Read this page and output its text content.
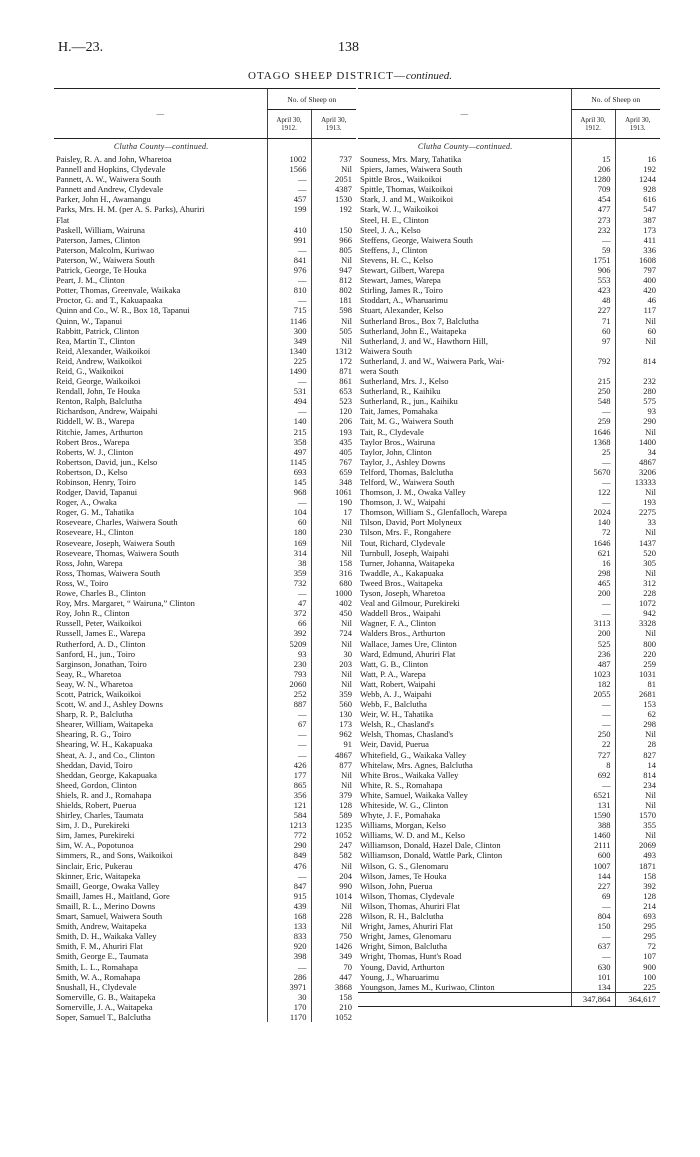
H.—23.	138
OTAGO SHEEP DISTRICT—continued.
—	No. of Sheep on	
	April 30, 1912.	April 30, 1913.
Clutha County—continued.		
Paisley, R. A. and John, Wharetoa	1002	737
Pannell and Hopkins, Clydevale	1566	Nil
Pannett, A. W., Waiwera South	—	2051
Pannett and Andrew, Clydevale	—	4387
Parker, John H., Awamangu	457	1530
Parks, Mrs. H. M. (per A. S. Parks), Ahuriri	199	192
Flat		
Paskell, William, Wairuna	410	150
Paterson, James, Clinton	991	966
Paterson, Malcolm, Kuriwao	—	805
Paterson, W., Waiwera South	841	Nil
Patrick, George, Te Houka	976	947
Peart, J. M., Clinton	—	812
Potter, Thomas, Greenvale, Waikaka	810	802
Proctor, G. and T., Kakuapaaka	—	181
Quinn and Co., W. R., Box 18, Tapanui	715	598
Quinn, W., Tapanui	1146	Nil
Rabbitt, Patrick, Clinton	300	505
Rea, Martin T., Clinton	349	Nil
Reid, Alexander, Waikoikoi	1340	1312
Reid, Andrew, Waikoikoi	225	172
Reid, G., Waikoikoi	1490	871
Reid, George, Waikoikoi	—	861
Rendall, John, Te Houka	531	653
Renton, Ralph, Balclutha	494	523
Richardson, Andrew, Waipahi	—	120
Riddell, W. B., Warepa	140	206
Ritchie, James, Arthurton	215	193
Robert Bros., Warepa	358	435
Roberts, W. J., Clinton	497	405
Robertson, David, jun., Kelso	1145	767
Robertson, D., Kelso	693	659
Robinson, Henry, Toiro	145	348
Rodger, David, Tapanui	968	1061
Roger, A., Owaka	—	190
Roger, G. M., Tahatika	104	17
Roseveare, Charles, Waiwera South	60	Nil
Roseveare, H., Clinton	180	230
Roseveare, Joseph, Waiwera South	169	Nil
Roseveare, Thomas, Waiwera South	314	Nil
Ross, John, Warepa	38	158
Ross, Thomas, Waiwera South	359	316
Ross, W., Toiro	732	680
Rowe, Charles B., Clinton	—	1000
Roy, Mrs. Margaret, “ Wairuna,” Clinton	47	402
Roy, John R., Clinton	372	450
Russell, Peter, Waikoikoi	66	Nil
Russell, James E., Warepa	392	724
Rutherford, A. D., Clinton	5209	Nil
Sanford, H., jun., Toiro	93	30
Sarginson, Jonathan, Toiro	230	203
Seay, R., Wharetoa	793	Nil
Seay, W. N., Wharetoa	2060	Nil
Scott, Patrick, Waikoikoi	252	359
Scott, W. and J., Ashley Downs	887	560
Sharp, R. P., Balclutha	—	130
Shearer, William, Waitapeka	67	173
Shearing, R. G., Toiro	—	962
Shearing, W. H., Kakapuaka	—	91
Sheat, A. J., and Co., Clinton	—	4867
Sheddan, David, Toiro	426	877
Sheddan, George, Kakapuaka	177	Nil
Sheed, Gordon, Clinton	865	Nil
Shiels, R. and J., Romahapa	356	379
Shields, Robert, Puerua	121	128
Shirley, Charles, Taumata	584	589
Sim, J. D., Purekireki	1213	1235
Sim, James, Purekireki	772	1052
Sim, W. A., Popotunoa	290	247
Simmers, R., and Sons, Waikoikoi	849	582
Sinclair, Eric, Pukerau	476	Nil
Skinner, Eric, Waitapeka	—	204
Smaill, George, Owaka Valley	847	990
Smaill, James H., Maitland, Gore	915	1014
Smaill, R. L., Merino Downs	439	Nil
Smart, Samuel, Waiwera South	168	228
Smith, Andrew, Waitapeka	133	Nil
Smith, D. H., Waikaka Valley	833	750
Smith, F. M., Ahuriri Flat	920	1426
Smith, George E., Taumata	398	349
Smith, L. L., Romahapa	—	70
Smith, W. A., Romahapa	286	447
Snushall, H., Clydevale	3971	3868
Somerville, G. B., Waitapeka	30	158
Somerville, J. A., Waitapeka	170	210
Soper, Samuel T., Balclutha	1170	1052
—	No. of Sheep on	
	April 30, 1912.	April 30, 1913.
Clutha County—continued.		
Souness, Mrs. Mary, Tahatika	15	16
Spiers, James, Waiwera South	206	192
Spittle Bros., Waikoikoi	1280	1244
Spittle, Thomas, Waikoikoi	709	928
Stark, J. and M., Waikoikoi	454	616
Stark, W. J., Waikoikoi	477	547
Steel, H. E., Clinton	273	387
Steel, J. A., Kelso	232	173
Steffens, George, Waiwera South	—	411
Steffens, J., Clinton	59	336
Stevens, H. C., Kelso	1751	1608
Stewart, Gilbert, Warepa	906	797
Stewart, James, Warepa	553	400
Stirling, James R., Toiro	423	420
Stoddart, A., Wharuarimu	48	46
Stuart, Alexander, Kelso	227	117
Sutherland Bros., Box 7, Balclutha	71	Nil
Sutherland, John E., Waitapeka	60	60
Sutherland, J. and W., Hawthorn Hill,	97	Nil
Waiwera South		
Sutherland, J. and W., Waiwera Park, Wai-	792	814
wera South		
Sutherland, Mrs. J., Kelso	215	232
Sutherland, R., Kaihiku	250	280
Sutherland, R., jun., Kaihiku	548	575
Tait, James, Pomahaka	—	93
Tait, M. G., Waiwera South	259	290
Tait, R., Clydevale	1646	Nil
Taylor Bros., Wairuna	1368	1400
Taylor, John, Clinton	25	34
Taylor, J., Ashley Downs	—	4867
Telford, Thomas, Balclutha	5670	3206
Telford, W., Waiwera South	—	13333
Thomson, J. M., Owaka Valley	122	Nil
Thomson, J. W., Waipahi	—	193
Thomson, William S., Glenfalloch, Warepa	2024	2275
Tilson, David, Port Molyneux	140	33
Tilson, Mrs. F., Rongahere	72	Nil
Tout, Richard, Clydevale	1646	1437
Turnbull, Joseph, Waipahi	621	520
Turner, Johanna, Waitapeka	16	305
Twaddle, A., Kakapuaka	298	Nil
Tweed Bros., Waitapeka	465	312
Tyson, Joseph, Wharetoa	200	228
Veal and Gilmour, Purekireki	—	1072
Waddell Bros., Waipahi	—	942
Wagner, F. A., Clinton	3113	3328
Walders Bros., Arthurton	200	Nil
Wallace, James Ure, Clinton	525	800
Ward, Edmund, Ahuriri Flat	236	220
Watt, G. B., Clinton	487	259
Watt, P. A., Warepa	1023	1031
Watt, Robert, Waipahi	182	81
Webb, A. J., Waipahi	2055	2681
Webb, F., Balclutha	—	153
Weir, W. H., Tahatika	—	62
Welsh, R., Chasland's	—	298
Welsh, Thomas, Chasland's	250	Nil
Weir, David, Puerua	22	28
Whitefield, G., Waikaka Valley	727	827
Whitelaw, Mrs. Agnes, Balclutha	8	14
White Bros., Waikaka Valley	692	814
White, R. S., Romahapa	—	234
White, Samuel, Waikaka Valley	6521	Nil
Whiteside, W. G., Clinton	131	Nil
Whyte, J. F., Pomahaka	1590	1570
Williams, Morgan, Kelso	388	355
Williams, W. D. and M., Kelso	1460	Nil
Williamson, Donald, Hazel Dale, Clinton	2111	2069
Williamson, Donald, Wattle Park, Clinton	600	493
Wilson, G. S., Glenomaru	1007	1871
Wilson, James, Te Houka	144	158
Wilson, John, Puerua	227	392
Wilson, Thomas, Clydevale	69	128
Wilson, Thomas, Ahuriri Flat	—	214
Wilson, R. H., Balclutha	804	693
Wright, James, Ahuriri Flat	150	295
Wright, James, Glenomaru	—	295
Wright, Simon, Balclutha	637	72
Wright, Thomas, Hunt's Road	—	107
Young, David, Arthurton	630	900
Young, J., Wharuarimu	101	100
Youngson, James M., Kuriwao, Clinton	134	225
	347,864	364,617
